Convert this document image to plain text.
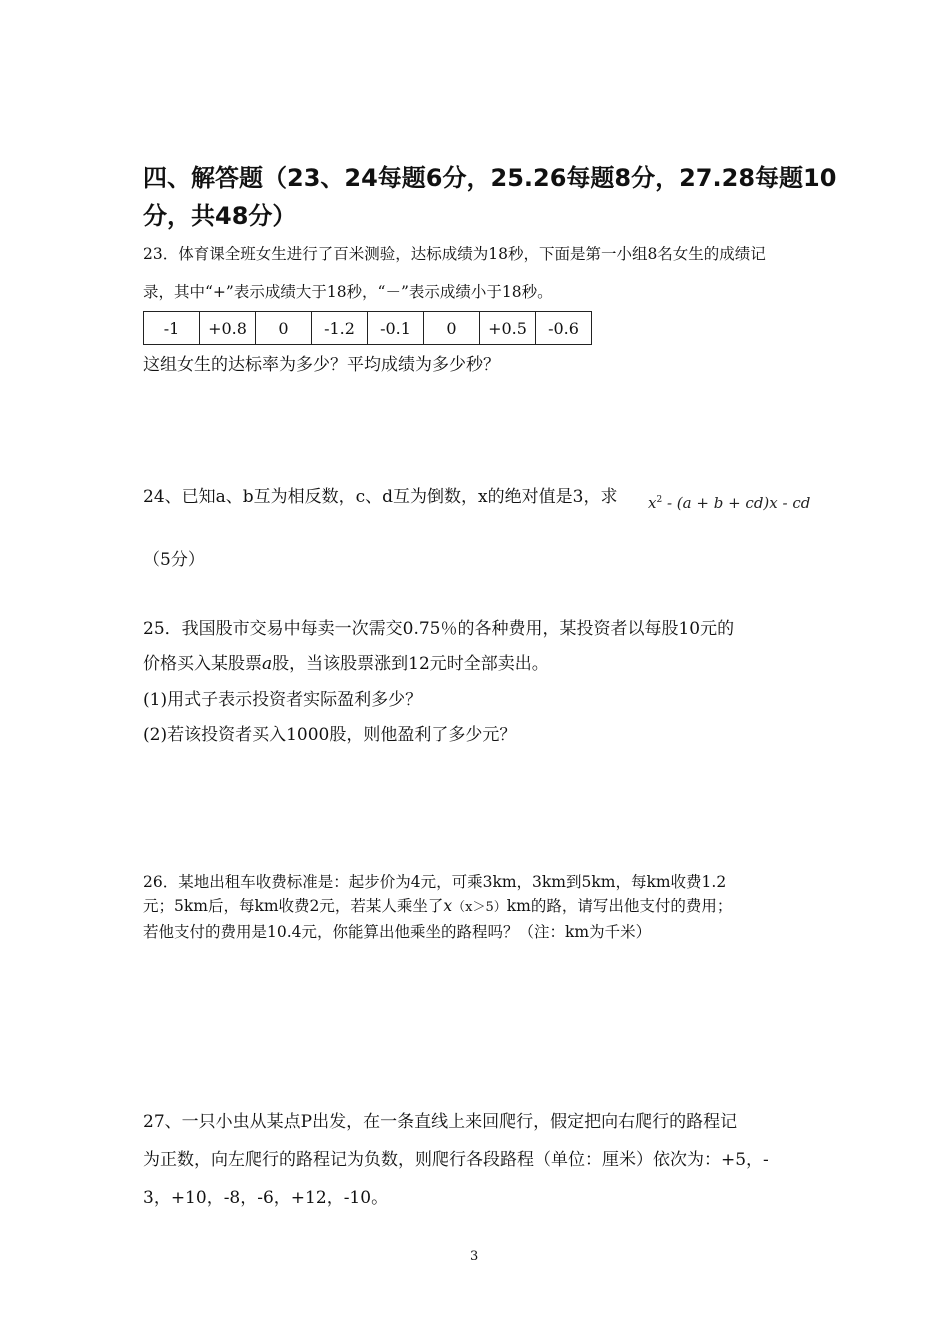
四、解答题（23、24每题6分，25.26每题8分，27.28每题10
分，共48分）
23．体育课全班女生进行了百米测验，达标成绩为18秒，下面是第一小组8名女生的成绩记
录，其中“+”表示成绩大于18秒，“－”表示成绩小于18秒。
-1	+0.8	0	-1.2	-0.1	0	+0.5	-0.6
这组女生的达标率为多少？平均成绩为多少秒？
24、已知a、b互为相反数，c、d互为倒数，x的绝对值是3，求 $x^2 - (a + b + cd)x$ - cd
（5分）
25．我国股市交易中每卖一次需交0.75％的各种费用，某投资者以每股10元的
价格买入某股票a股，当该股票涨到12元时全部卖出。
(1)用式子表示投资者实际盈利多少？
(2)若该投资者买入1000股，则他盈利了多少元？
26．某地出租车收费标准是：起步价为4元，可乘3km，3km到5km，每km收费1.2
元；5km后，每km收费2元，若某人乘坐了x（x＞5）km的路，请写出他支付的费用；
若他支付的费用是10.4元，你能算出他乘坐的路程吗？（注：km为千米）
27、一只小虫从某点P出发，在一条直线上来回爬行，假定把向右爬行的路程记
为正数，向左爬行的路程记为负数，则爬行各段路程（单位：厘米）依次为：+5，-
3，+10，-8，-6，+12，-10。
3
